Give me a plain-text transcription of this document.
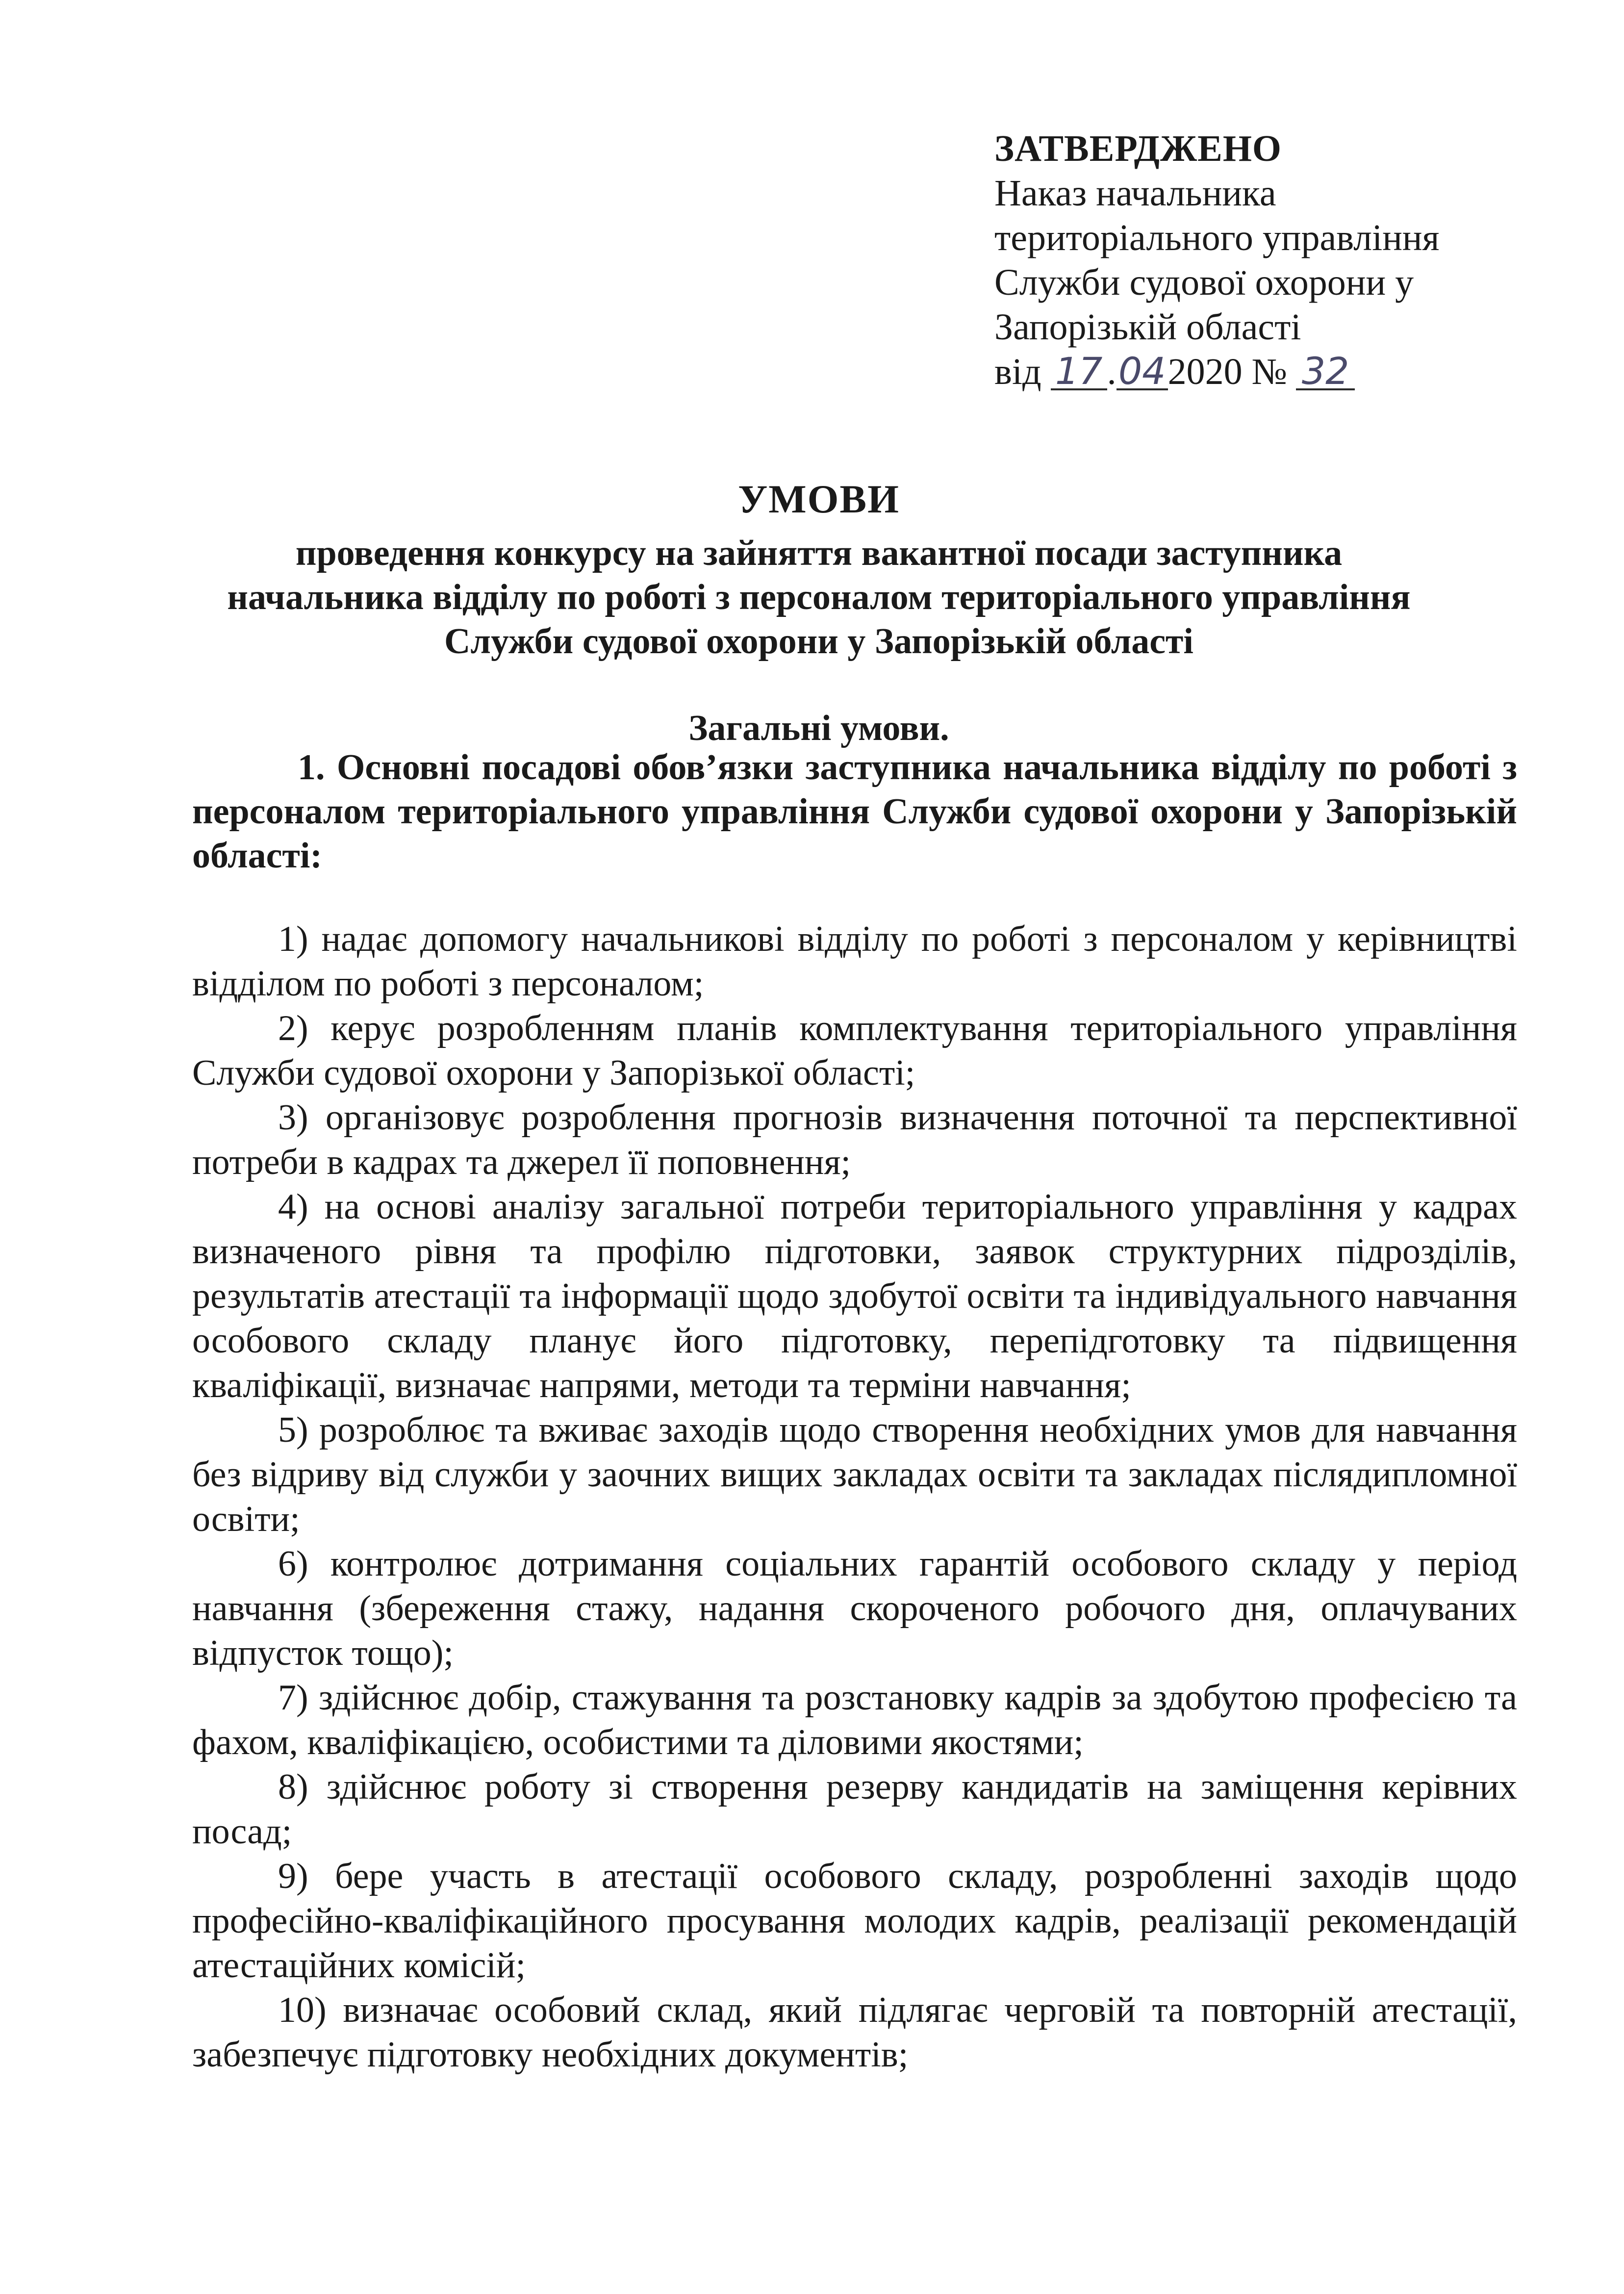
ЗАТВЕРДЖЕНО
Наказ начальника
територіального управління
Служби судової охорони у
Запорізькій області
від 17 .042020 № 32
УМОВИ
проведення конкурсу на зайняття вакантної посади заступника
начальника відділу по роботі з персоналом територіального управління
Служби судової охорони у Запорізькій області
Загальні умови.
1. Основні посадові обов’язки заступника начальника відділу по роботі з персоналом територіального управління Служби судової охорони у Запорізькій області:
1) надає допомогу начальникові відділу по роботі з персоналом у керівництві відділом по роботі з персоналом;
2) керує розробленням планів комплектування територіального управління Служби судової охорони у Запорізької області;
3) організовує розроблення прогнозів визначення поточної та перспективної потреби в кадрах та джерел її поповнення;
4) на основі аналізу загальної потреби територіального управління у кадрах визначеного рівня та профілю підготовки, заявок структурних підрозділів, результатів атестації та інформації щодо здобутої освіти та індивідуального навчання особового складу планує його підготовку, перепідготовку та підвищення кваліфікації, визначає напрями, методи та терміни навчання;
5) розроблює та вживає заходів щодо створення необхідних умов для навчання без відриву від служби у заочних вищих закладах освіти та закладах післядипломної освіти;
6) контролює дотримання соціальних гарантій особового складу у період навчання (збереження стажу, надання скороченого робочого дня, оплачуваних відпусток тощо);
7) здійснює добір, стажування та розстановку кадрів за здобутою професією та фахом, кваліфікацією, особистими та діловими якостями;
8) здійснює роботу зі створення резерву кандидатів на заміщення керівних посад;
9) бере участь в атестації особового складу, розробленні заходів щодо професійно-кваліфікаційного просування молодих кадрів, реалізації рекомендацій атестаційних комісій;
10) визначає особовий склад, який підлягає черговій та повторній атестації, забезпечує підготовку необхідних документів;
